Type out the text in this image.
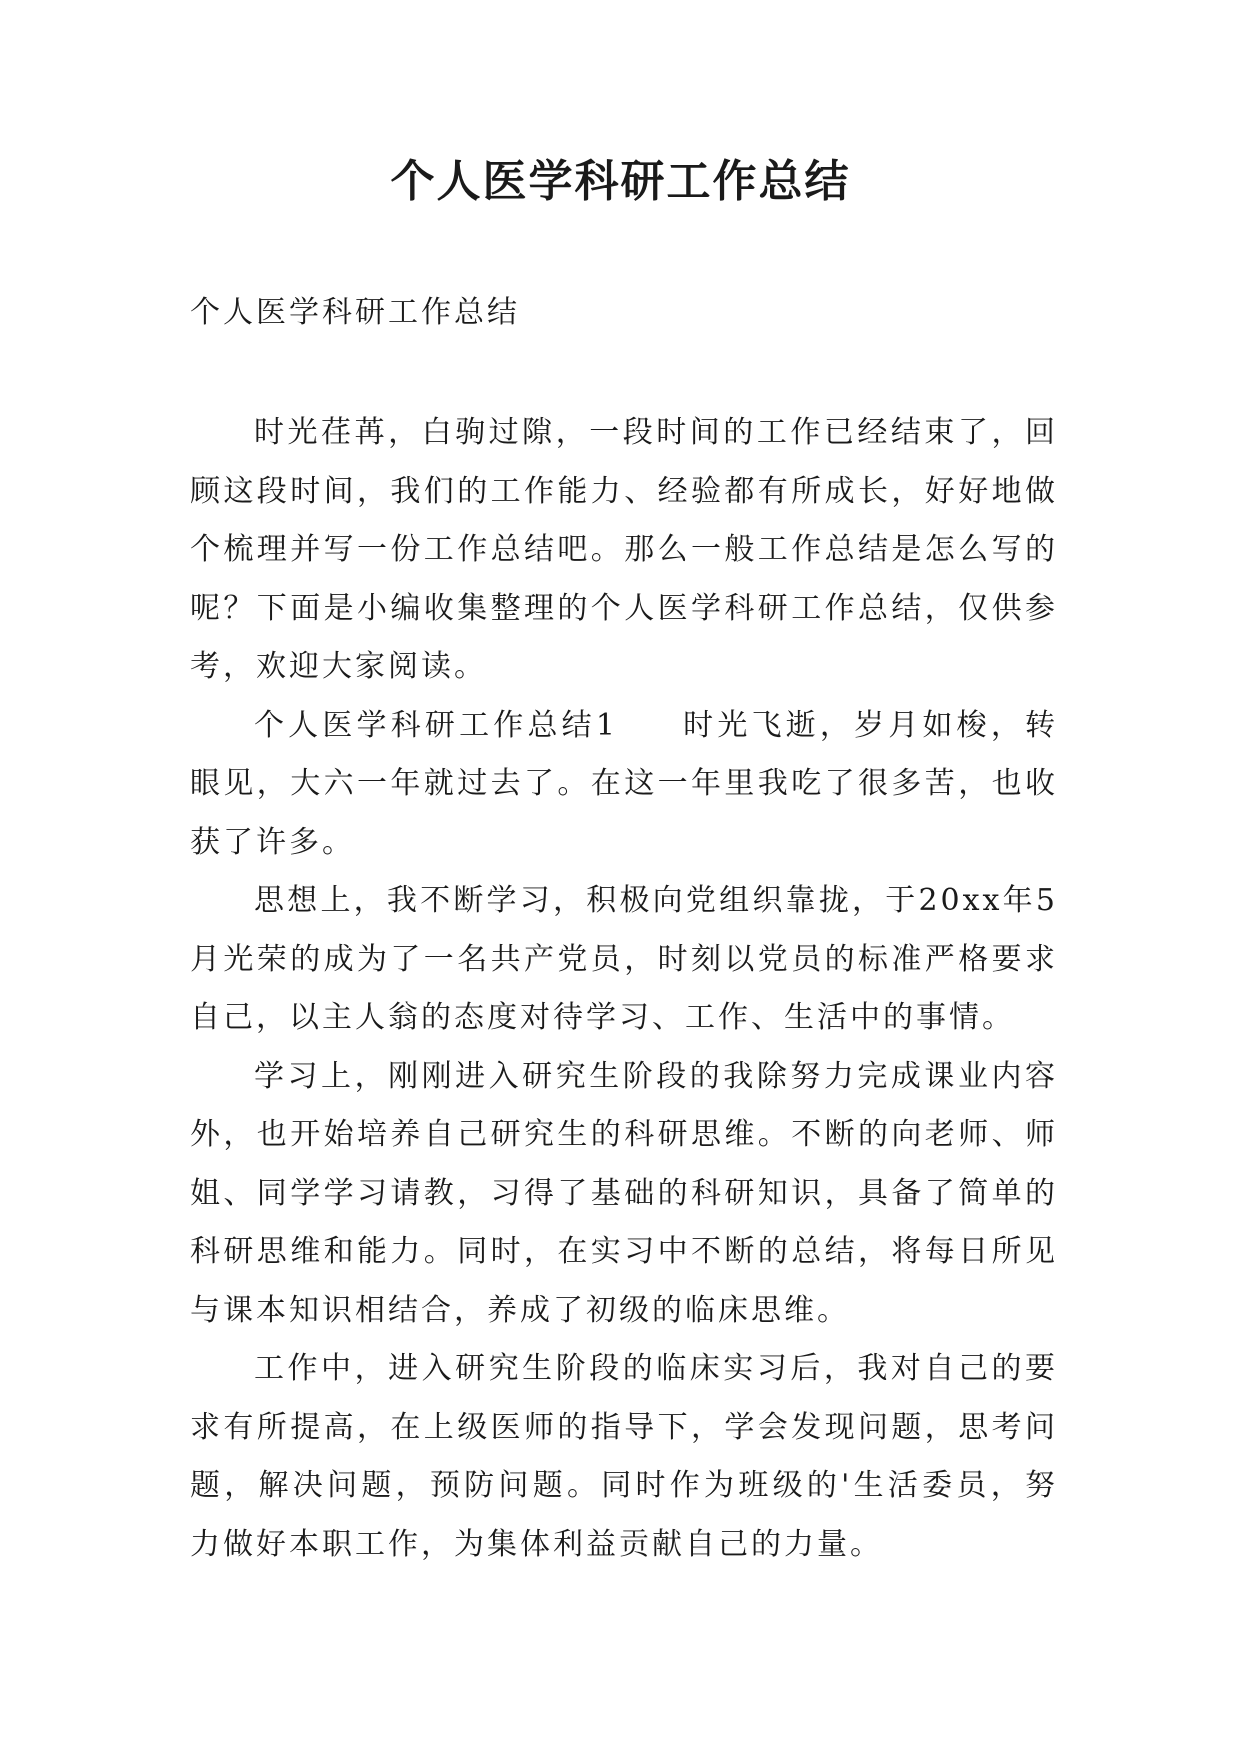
个人医学科研工作总结

个人医学科研工作总结

时光荏苒，白驹过隙，一段时间的工作已经结束了，回顾这段时间，我们的工作能力、经验都有所成长，好好地做个梳理并写一份工作总结吧。那么一般工作总结是怎么写的呢？下面是小编收集整理的个人医学科研工作总结，仅供参考，欢迎大家阅读。

个人医学科研工作总结1 时光飞逝，岁月如梭，转眼见，大六一年就过去了。在这一年里我吃了很多苦，也收获了许多。

思想上，我不断学习，积极向党组织靠拢，于20xx年5月光荣的成为了一名共产党员，时刻以党员的标准严格要求自己，以主人翁的态度对待学习、工作、生活中的事情。

学习上，刚刚进入研究生阶段的我除努力完成课业内容外，也开始培养自己研究生的科研思维。不断的向老师、师姐、同学学习请教，习得了基础的科研知识，具备了简单的科研思维和能力。同时，在实习中不断的总结，将每日所见与课本知识相结合，养成了初级的临床思维。

工作中，进入研究生阶段的临床实习后，我对自己的要求有所提高，在上级医师的指导下，学会发现问题，思考问题，解决问题，预防问题。同时作为班级的'生活委员，努力做好本职工作，为集体利益贡献自己的力量。
